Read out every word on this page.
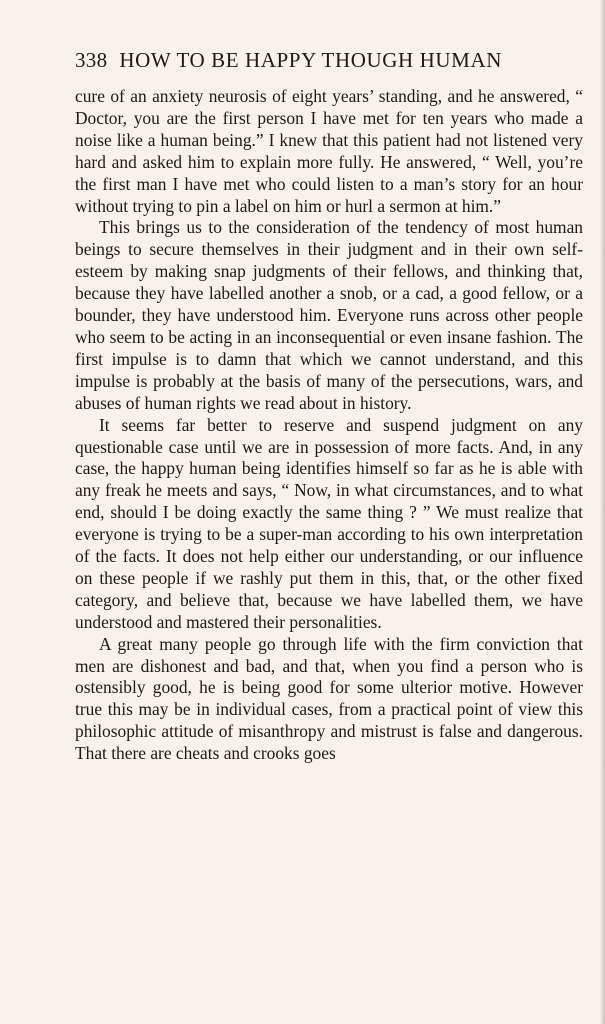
338 HOW TO BE HAPPY THOUGH HUMAN

cure of an anxiety neurosis of eight years’ standing, and he answered, “ Doctor, you are the first person I have met for ten years who made a noise like a human being.” I knew that this patient had not listened very hard and asked him to explain more fully. He answered, “ Well, you’re the first man I have met who could listen to a man’s story for an hour without trying to pin a label on him or hurl a sermon at him.”

This brings us to the consideration of the tendency of most human beings to secure themselves in their judgment and in their own self-esteem by making snap judgments of their fellows, and thinking that, because they have labelled another a snob, or a cad, a good fellow, or a bounder, they have understood him. Everyone runs across other people who seem to be acting in an inconsequential or even insane fashion. The first impulse is to damn that which we cannot understand, and this impulse is probably at the basis of many of the persecutions, wars, and abuses of human rights we read about in history.

It seems far better to reserve and suspend judgment on any questionable case until we are in possession of more facts. And, in any case, the happy human being identifies himself so far as he is able with any freak he meets and says, “ Now, in what circumstances, and to what end, should I be doing exactly the same thing ? ” We must realize that everyone is trying to be a super-man according to his own interpretation of the facts. It does not help either our understanding, or our influence on these people if we rashly put them in this, that, or the other fixed category, and believe that, because we have labelled them, we have understood and mastered their personalities.

A great many people go through life with the firm conviction that men are dishonest and bad, and that, when you find a person who is ostensibly good, he is being good for some ulterior motive. However true this may be in individual cases, from a practical point of view this philosophic attitude of misanthropy and mistrust is false and dangerous. That there are cheats and crooks goes
